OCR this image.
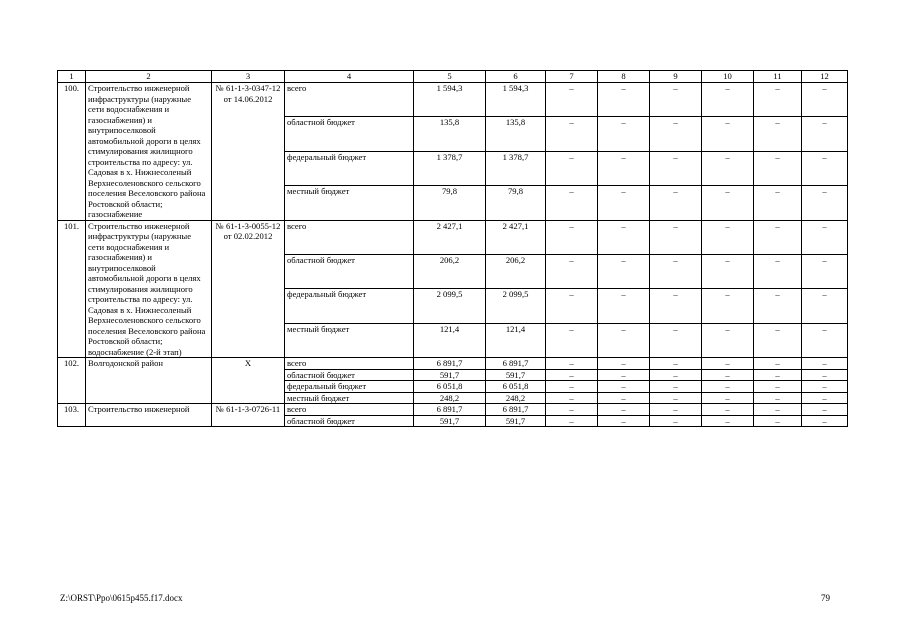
1	2	3	4	5	6	7	8	9	10	11	12
100.	Строительство инженерной инфраструктуры (наружные сети водоснабжения и газоснабжения) и внутрипоселковой автомобильной дороги в целях стимулирования жилищного строительства по адресу: ул. Садовая в х. Нижнесоленый Верхнесоленовского сельского поселения Веселовского района Ростовской области; газоснабжение	№ 61-1-3-0347-12 от 14.06.2012	всего	1 594,3	1 594,3	–	–	–	–	–	–
			областной бюджет	135,8	135,8	–	–	–	–	–	–
			федеральный бюджет	1 378,7	1 378,7	–	–	–	–	–	–
			местный бюджет	79,8	79,8	–	–	–	–	–	–
101.	Строительство инженерной инфраструктуры (наружные сети водоснабжения и газоснабжения) и внутрипоселковой автомобильной дороги в целях стимулирования жилищного строительства по адресу: ул. Садовая в х. Нижнесоленый Верхнесоленовского сельского поселения Веселовского района Ростовской области; водоснабжение (2-й этап)	№ 61-1-3-0055-12 от 02.02.2012	всего	2 427,1	2 427,1	–	–	–	–	–	–
			областной бюджет	206,2	206,2	–	–	–	–	–	–
			федеральный бюджет	2 099,5	2 099,5	–	–	–	–	–	–
			местный бюджет	121,4	121,4	–	–	–	–	–	–
102.	Волгодонской район	Х	всего	6 891,7	6 891,7	–	–	–	–	–	–
			областной бюджет	591,7	591,7	–	–	–	–	–	–
			федеральный бюджет	6 051,8	6 051,8	–	–	–	–	–	–
			местный бюджет	248,2	248,2	–	–	–	–	–	–
103.	Строительство инженерной	№ 61-1-3-0726-11	всего	6 891,7	6 891,7	–	–	–	–	–	–
			областной бюджет	591,7	591,7	–	–	–	–	–	–
Z:\ORST\Ppo\0615p455.f17.docx	79
